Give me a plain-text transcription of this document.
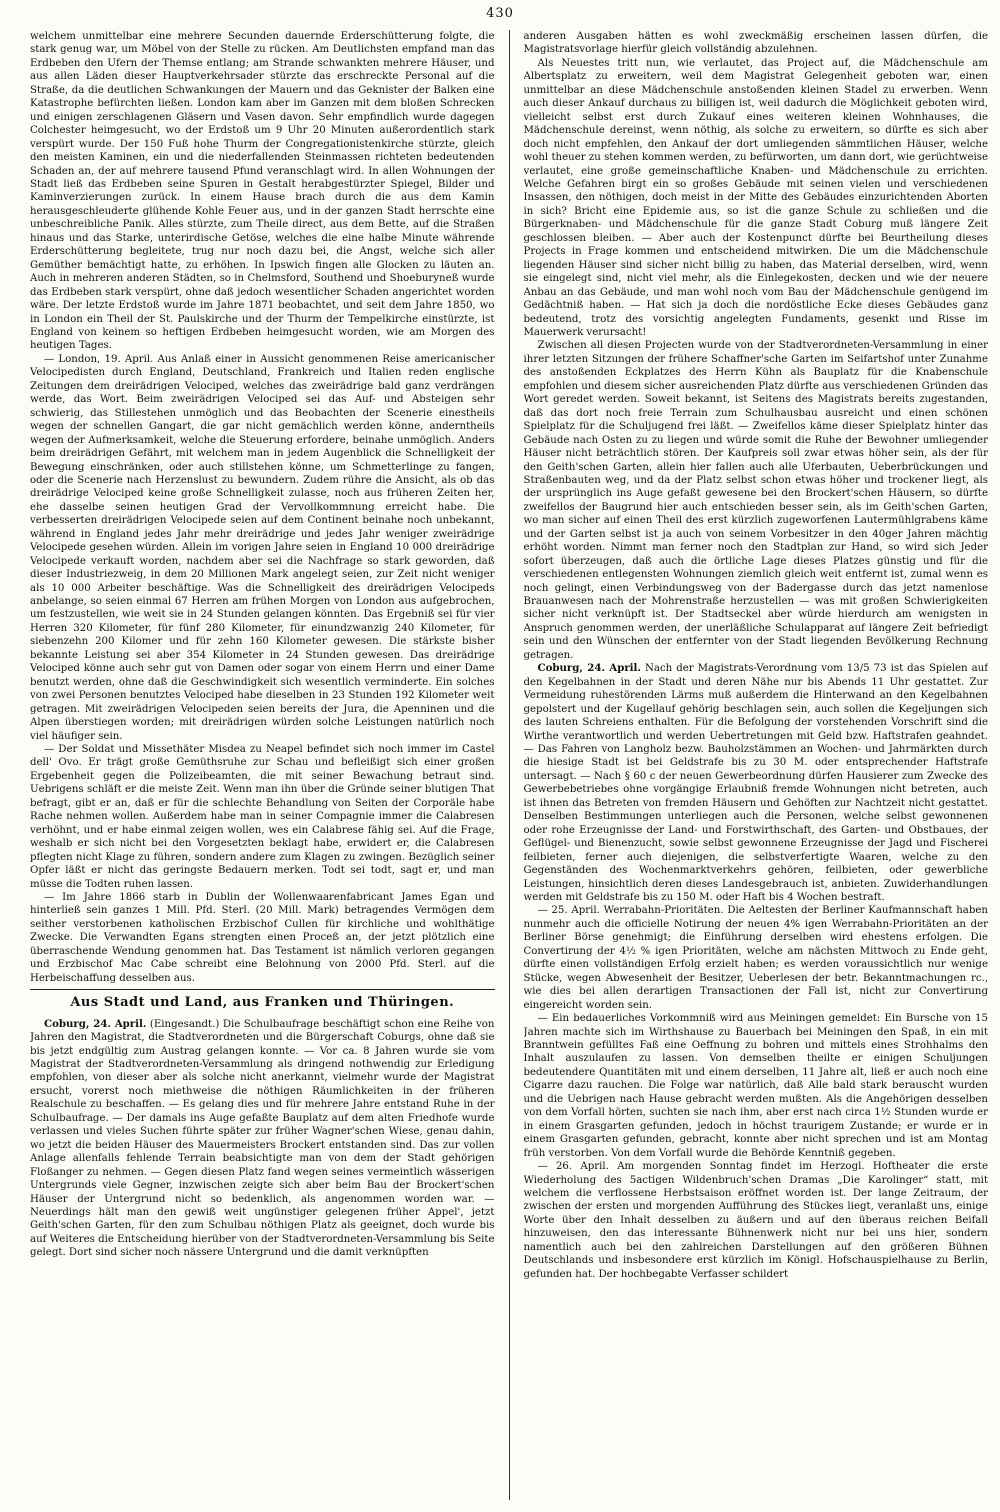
430

welchem unmittelbar eine mehrere Secunden dauernde Erderschütterung folgte, die stark genug war, um Möbel von der Stelle zu rücken. Am Deutlichsten empfand man das Erdbeben den Ufern der Themse entlang; am Strande schwankten mehrere Häuser, und aus allen Läden dieser Hauptverkehrsader stürzte das erschreckte Personal auf die Straße, da die deutlichen Schwankungen der Mauern und das Geknister der Balken eine Katastrophe befürchten ließen. London kam aber im Ganzen mit dem bloßen Schrecken und einigen zerschlagenen Gläsern und Vasen davon. Sehr empfindlich wurde dagegen Colchester heimgesucht, wo der Erdstoß um 9 Uhr 20 Minuten außerordentlich stark verspürt wurde. Der 150 Fuß hohe Thurm der Congregationistenkirche stürzte, gleich den meisten Kaminen, ein und die niederfallenden Steinmassen richteten bedeutenden Schaden an, der auf mehrere tausend Pfund veranschlagt wird. In allen Wohnungen der Stadt ließ das Erdbeben seine Spuren in Gestalt herabgestürzter Spiegel, Bilder und Kaminverzierungen zurück. In einem Hause brach durch die aus dem Kamin herausgeschleuderte glühende Kohle Feuer aus, und in der ganzen Stadt herrschte eine unbeschreibliche Panik. Alles stürzte, zum Theile direct, aus dem Bette, auf die Straßen hinaus und das Starke, unterirdische Getöse, welches die eine halbe Minute währende Erderschütterung begleitete, trug nur noch dazu bei, die Angst, welche sich aller Gemüther bemächtigt hatte, zu erhöhen. In Ipswich fingen alle Glocken zu läuten an. Auch in mehreren anderen Städten, so in Chelmsford, Southend und Shoeburyneß wurde das Erdbeben stark verspürt, ohne daß jedoch wesentlicher Schaden angerichtet worden wäre. Der letzte Erdstoß wurde im Jahre 1871 beobachtet, und seit dem Jahre 1850, wo in London ein Theil der St. Paulskirche und der Thurm der Tempelkirche einstürzte, ist England von keinem so heftigen Erdbeben heimgesucht worden, wie am Morgen des heutigen Tages.

— London, 19. April. Aus Anlaß einer in Aussicht genommenen Reise americanischer Velocipedisten durch England, Deutschland, Frankreich und Italien reden englische Zeitungen dem dreirädrigen Velociped, welches das zweirädrige bald ganz verdrängen werde, das Wort. Beim zweirädrigen Velociped sei das Auf- und Absteigen sehr schwierig, das Stillestehen unmöglich und das Beobachten der Scenerie einestheils wegen der schnellen Gangart, die gar nicht gemächlich werden könne, anderntheils wegen der Aufmerksamkeit, welche die Steuerung erfordere, beinahe unmöglich. Anders beim dreirädrigen Gefährt, mit welchem man in jedem Augenblick die Schnelligkeit der Bewegung einschränken, oder auch stillstehen könne, um Schmetterlinge zu fangen, oder die Scenerie nach Herzenslust zu bewundern. Zudem rühre die Ansicht, als ob das dreirädrige Velociped keine große Schnelligkeit zulasse, noch aus früheren Zeiten her, ehe dasselbe seinen heutigen Grad der Vervollkommnung erreicht habe. Die verbesserten dreirädrigen Velocipede seien auf dem Continent beinahe noch unbekannt, während in England jedes Jahr mehr dreirädrige und jedes Jahr weniger zweirädrige Velocipede gesehen würden. Allein im vorigen Jahre seien in England 10 000 dreirädrige Velocipede verkauft worden, nachdem aber sei die Nachfrage so stark geworden, daß dieser Industriezweig, in dem 20 Millionen Mark angelegt seien, zur Zeit nicht weniger als 10 000 Arbeiter beschäftige. Was die Schnelligkeit des dreirädrigen Velocipeds anbelange, so seien einmal 67 Herren am frühen Morgen von London aus aufgebrochen, um festzustellen, wie weit sie in 24 Stunden gelangen könnten. Das Ergebniß sei für vier Herren 320 Kilometer, für fünf 280 Kilometer, für einundzwanzig 240 Kilometer, für siebenzehn 200 Kilomer und für zehn 160 Kilometer gewesen. Die stärkste bisher bekannte Leistung sei aber 354 Kilometer in 24 Stunden gewesen. Das dreirädrige Velociped könne auch sehr gut von Damen oder sogar von einem Herrn und einer Dame benutzt werden, ohne daß die Geschwindigkeit sich wesentlich verminderte. Ein solches von zwei Personen benutztes Velociped habe dieselben in 23 Stunden 192 Kilometer weit getragen. Mit zweirädrigen Velocipeden seien bereits der Jura, die Apenninen und die Alpen überstiegen worden; mit dreirädrigen würden solche Leistungen natürlich noch viel häufiger sein.

— Der Soldat und Missethäter Misdea zu Neapel befindet sich noch immer im Castel dell' Ovo. Er trägt große Gemüthsruhe zur Schau und befleißigt sich einer großen Ergebenheit gegen die Polizeibeamten, die mit seiner Bewachung betraut sind. Uebrigens schläft er die meiste Zeit. Wenn man ihn über die Gründe seiner blutigen That befragt, gibt er an, daß er für die schlechte Behandlung von Seiten der Corporäle habe Rache nehmen wollen. Außerdem habe man in seiner Compagnie immer die Calabresen verhöhnt, und er habe einmal zeigen wollen, wes ein Calabrese fähig sei. Auf die Frage, weshalb er sich nicht bei den Vorgesetzten beklagt habe, erwidert er, die Calabresen pflegten nicht Klage zu führen, sondern andere zum Klagen zu zwingen. Bezüglich seiner Opfer läßt er nicht das geringste Bedauern merken. Todt sei todt, sagt er, und man müsse die Todten ruhen lassen.

— Im Jahre 1866 starb in Dublin der Wollenwaarenfabricant James Egan und hinterließ sein ganzes 1 Mill. Pfd. Sterl. (20 Mill. Mark) betragendes Vermögen dem seither verstorbenen katholischen Erzbischof Cullen für kirchliche und wohlthätige Zwecke. Die Verwandten Egans strengten einen Proceß an, der jetzt plötzlich eine überraschende Wendung genommen hat. Das Testament ist nämlich verloren gegangen und Erzbischof Mac Cabe schreibt eine Belohnung von 2000 Pfd. Sterl. auf die Herbeischaffung desselben aus.

Aus Stadt und Land, aus Franken und Thüringen.

Coburg, 24. April. (Eingesandt.) Die Schulbaufrage beschäftigt schon eine Reihe von Jahren den Magistrat, die Stadtverordneten und die Bürgerschaft Coburgs, ohne daß sie bis jetzt endgültig zum Austrag gelangen konnte. — Vor ca. 8 Jahren wurde sie vom Magistrat der Stadtverordneten-Versammlung als dringend nothwendig zur Erledigung empfohlen, von dieser aber als solche nicht anerkannt, vielmehr wurde der Magistrat ersucht, vorerst noch miethweise die nöthigen Räumlichkeiten in der früheren Realschule zu beschaffen. — Es gelang dies und für mehrere Jahre entstand Ruhe in der Schulbaufrage. — Der damals ins Auge gefaßte Bauplatz auf dem alten Friedhofe wurde verlassen und vieles Suchen führte später zur früher Wagner'schen Wiese, genau dahin, wo jetzt die beiden Häuser des Mauermeisters Brockert entstanden sind. Das zur vollen Anlage allenfalls fehlende Terrain beabsichtigte man von dem der Stadt gehörigen Floßanger zu nehmen. — Gegen diesen Platz fand wegen seines vermeintlich wässerigen Untergrunds viele Gegner, inzwischen zeigte sich aber beim Bau der Brockert'schen Häuser der Untergrund nicht so bedenklich, als angenommen worden war. — Neuerdings hält man den gewiß weit ungünstiger gelegenen früher Appel', jetzt Geith'schen Garten, für den zum Schulbau nöthigen Platz als geeignet, doch wurde bis auf Weiteres die Entscheidung hierüber von der Stadtverordneten-Versammlung bis Seite gelegt. Dort sind sicher noch nässere Untergrund und die damit verknüpften

anderen Ausgaben hätten es wohl zweckmäßig erscheinen lassen dürfen, die Magistratsvorlage hierfür gleich vollständig abzulehnen.

Als Neuestes tritt nun, wie verlautet, das Project auf, die Mädchenschule am Albertsplatz zu erweitern, weil dem Magistrat Gelegenheit geboten war, einen unmittelbar an diese Mädchenschule anstoßenden kleinen Stadel zu erwerben. Wenn auch dieser Ankauf durchaus zu billigen ist, weil dadurch die Möglichkeit geboten wird, vielleicht selbst erst durch Zukauf eines weiteren kleinen Wohnhauses, die Mädchenschule dereinst, wenn nöthig, als solche zu erweitern, so dürfte es sich aber doch nicht empfehlen, den Ankauf der dort umliegenden sämmtlichen Häuser, welche wohl theuer zu stehen kommen werden, zu befürworten, um dann dort, wie gerüchtweise verlautet, eine große gemeinschaftliche Knaben- und Mädchenschule zu errichten. Welche Gefahren birgt ein so großes Gebäude mit seinen vielen und verschiedenen Insassen, den nöthigen, doch meist in der Mitte des Gebäudes einzurichtenden Aborten in sich? Bricht eine Epidemie aus, so ist die ganze Schule zu schließen und die Bürgerknaben- und Mädchenschule für die ganze Stadt Coburg muß längere Zeit geschlossen bleiben. — Aber auch der Kostenpunct dürfte bei Beurtheilung dieses Projects in Frage kommen und entscheidend mitwirken. Die um die Mädchenschule liegenden Häuser sind sicher nicht billig zu haben, das Material derselben, wird, wenn sie eingelegt sind, nicht viel mehr, als die Einlegekosten, decken und wie der neuere Anbau an das Gebäude, und man wohl noch vom Bau der Mädchenschule genügend im Gedächtniß haben. — Hat sich ja doch die nordöstliche Ecke dieses Gebäudes ganz bedeutend, trotz des vorsichtig angelegten Fundaments, gesenkt und Risse im Mauerwerk verursacht!

Zwischen all diesen Projecten wurde von der Stadtverordneten-Versammlung in einer ihrer letzten Sitzungen der frühere Schaffner'sche Garten im Seifartshof unter Zunahme des anstoßenden Eckplatzes des Herrn Kühn als Bauplatz für die Knabenschule empfohlen und diesem sicher ausreichenden Platz dürfte aus verschiedenen Gründen das Wort geredet werden. Soweit bekannt, ist Seitens des Magistrats bereits zugestanden, daß das dort noch freie Terrain zum Schulhausbau ausreicht und einen schönen Spielplatz für die Schuljugend frei läßt. — Zweifellos käme dieser Spielplatz hinter das Gebäude nach Osten zu zu liegen und würde somit die Ruhe der Bewohner umliegender Häuser nicht beträchtlich stören. Der Kaufpreis soll zwar etwas höher sein, als der für den Geith'schen Garten, allein hier fallen auch alle Uferbauten, Ueberbrückungen und Straßenbauten weg, und da der Platz selbst schon etwas höher und trockener liegt, als der ursprünglich ins Auge gefaßt gewesene bei den Brockert'schen Häusern, so dürfte zweifellos der Baugrund hier auch entschieden besser sein, als im Geith'schen Garten, wo man sicher auf einen Theil des erst kürzlich zugeworfenen Lautermühlgrabens käme und der Garten selbst ist ja auch von seinem Vorbesitzer in den 40ger Jahren mächtig erhöht worden. Nimmt man ferner noch den Stadtplan zur Hand, so wird sich Jeder sofort überzeugen, daß auch die örtliche Lage dieses Platzes günstig und für die verschiedenen entlegensten Wohnungen ziemlich gleich weit entfernt ist, zumal wenn es noch gelingt, einen Verbindungsweg von der Badergasse durch das jetzt namenlose Brauanwesen nach der Mohrenstraße herzustellen — was mit großen Schwierigkeiten sicher nicht verknüpft ist. Der Stadtseckel aber würde hierdurch am wenigsten in Anspruch genommen werden, der unerläßliche Schulapparat auf längere Zeit befriedigt sein und den Wünschen der entfernter von der Stadt liegenden Bevölkerung Rechnung getragen.

Coburg, 24. April. Nach der Magistrats-Verordnung vom 13/5 73 ist das Spielen auf den Kegelbahnen in der Stadt und deren Nähe nur bis Abends 11 Uhr gestattet. Zur Vermeidung ruhestörenden Lärms muß außerdem die Hinterwand an den Kegelbahnen gepolstert und der Kugellauf gehörig beschlagen sein, auch sollen die Kegeljungen sich des lauten Schreiens enthalten. Für die Befolgung der vorstehenden Vorschrift sind die Wirthe verantwortlich und werden Uebertretungen mit Geld bzw. Haftstrafen geahndet. — Das Fahren von Langholz bezw. Bauholzstämmen an Wochen- und Jahrmärkten durch die hiesige Stadt ist bei Geldstrafe bis zu 30 M. oder entsprechender Haftstrafe untersagt. — Nach § 60 c der neuen Gewerbeordnung dürfen Hausierer zum Zwecke des Gewerbebetriebes ohne vorgängige Erlaubniß fremde Wohnungen nicht betreten, auch ist ihnen das Betreten von fremden Häusern und Gehöften zur Nachtzeit nicht gestattet. Denselben Bestimmungen unterliegen auch die Personen, welche selbst gewonnenen oder rohe Erzeugnisse der Land- und Forstwirthschaft, des Garten- und Obstbaues, der Geflügel- und Bienenzucht, sowie selbst gewonnene Erzeugnisse der Jagd und Fischerei feilbieten, ferner auch diejenigen, die selbstverfertigte Waaren, welche zu den Gegenständen des Wochenmarktverkehrs gehören, feilbieten, oder gewerbliche Leistungen, hinsichtlich deren dieses Landesgebrauch ist, anbieten. Zuwiderhandlungen werden mit Geldstrafe bis zu 150 M. oder Haft bis 4 Wochen bestraft.

— 25. April. Werrabahn-Prioritäten. Die Aeltesten der Berliner Kaufmannschaft haben nunmehr auch die officielle Notirung der neuen 4% igen Werrabahn-Prioritäten an der Berliner Börse genehmigt; die Einführung derselben wird ehestens erfolgen. Die Convertirung der 4½ % igen Prioritäten, welche am nächsten Mittwoch zu Ende geht, dürfte einen vollständigen Erfolg erzielt haben; es werden voraussichtlich nur wenige Stücke, wegen Abwesenheit der Besitzer, Ueberlesen der betr. Bekanntmachungen rc., wie dies bei allen derartigen Transactionen der Fall ist, nicht zur Convertirung eingereicht worden sein.

— Ein bedauerliches Vorkommniß wird aus Meiningen gemeldet: Ein Bursche von 15 Jahren machte sich im Wirthshause zu Bauerbach bei Meiningen den Spaß, in ein mit Branntwein gefülltes Faß eine Oeffnung zu bohren und mittels eines Strohhalms den Inhalt auszulaufen zu lassen. Von demselben theilte er einigen Schuljungen bedeutendere Quantitäten mit und einem derselben, 11 Jahre alt, ließ er auch noch eine Cigarre dazu rauchen. Die Folge war natürlich, daß Alle bald stark berauscht wurden und die Uebrigen nach Hause gebracht werden mußten. Als die Angehörigen desselben von dem Vorfall hörten, suchten sie nach ihm, aber erst nach circa 1½ Stunden wurde er in einem Grasgarten gefunden, jedoch in höchst traurigem Zustande; er wurde er in einem Grasgarten gefunden, gebracht, konnte aber nicht sprechen und ist am Montag früh verstorben. Von dem Vorfall wurde die Behörde Kenntniß gegeben.

— 26. April. Am morgenden Sonntag findet im Herzogl. Hoftheater die erste Wiederholung des 5actigen Wildenbruch'schen Dramas „Die Karolinger“ statt, mit welchem die verflossene Herbstsaison eröffnet worden ist. Der lange Zeitraum, der zwischen der ersten und morgenden Aufführung des Stückes liegt, veranlaßt uns, einige Worte über den Inhalt desselben zu äußern und auf den überaus reichen Beifall hinzuweisen, den das interessante Bühnenwerk nicht nur bei uns hier, sondern namentlich auch bei den zahlreichen Darstellungen auf den größeren Bühnen Deutschlands und insbesondere erst kürzlich im Königl. Hofschauspielhause zu Berlin, gefunden hat. Der hochbegabte Verfasser schildert
